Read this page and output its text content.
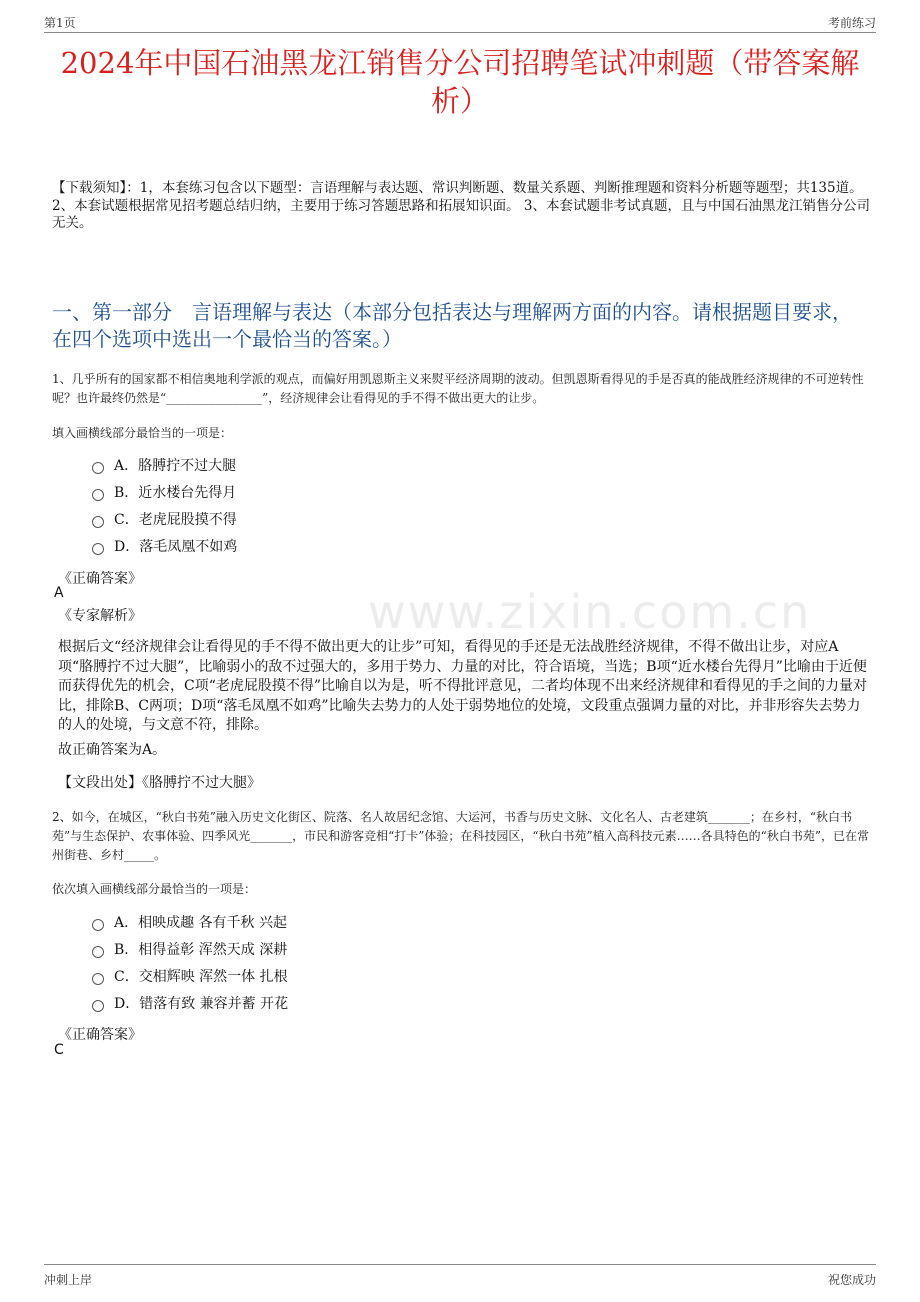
第1页	考前练习
www.zixin.com.cn
2024年中国石油黑龙江销售分公司招聘笔试冲刺题（带答案解析）
【下载须知】：1，本套练习包含以下题型：言语理解与表达题、常识判断题、数量关系题、判断推理题和资料分析题等题型；共135道。 2、本套试题根据常见招考题总结归纳，主要用于练习答题思路和拓展知识面。 3、本套试题非考试真题，且与中国石油黑龙江销售分公司无关。
一、第一部分　言语理解与表达（本部分包括表达与理解两方面的内容。请根据题目要求，在四个选项中选出一个最恰当的答案。）
1、几乎所有的国家都不相信奥地利学派的观点，而偏好用凯恩斯主义来熨平经济周期的波动。但凯恩斯看得见的手是否真的能战胜经济规律的不可逆转性呢？也许最终仍然是“________________”，经济规律会让看得见的手不得不做出更大的让步。
填入画横线部分最恰当的一项是：
A．胳膊拧不过大腿
B．近水楼台先得月
C．老虎屁股摸不得
D．落毛凤凰不如鸡
《正确答案》
A
《专家解析》
根据后文“经济规律会让看得见的手不得不做出更大的让步”可知，看得见的手还是无法战胜经济规律，不得不做出让步，对应A项“胳膊拧不过大腿”，比喻弱小的敌不过强大的，多用于势力、力量的对比，符合语境，当选；B项“近水楼台先得月”比喻由于近便而获得优先的机会，C项“老虎屁股摸不得”比喻自以为是，听不得批评意见，二者均体现不出来经济规律和看得见的手之间的力量对比，排除B、C两项；D项“落毛凤凰不如鸡”比喻失去势力的人处于弱势地位的处境，文段重点强调力量的对比，并非形容失去势力的人的处境，与文意不符，排除。
故正确答案为A。
【文段出处】《胳膊拧不过大腿》
2、如今，在城区，“秋白书苑”融入历史文化街区、院落、名人故居纪念馆、大运河，书香与历史文脉、文化名人、古老建筑_______；在乡村，“秋白书苑”与生态保护、农事体验、四季风光_______，市民和游客竞相“打卡”体验；在科技园区，“秋白书苑”植入高科技元素……各具特色的“秋白书苑”，已在常州街巷、乡村_____。
依次填入画横线部分最恰当的一项是：
A．相映成趣 各有千秋 兴起
B．相得益彰 浑然天成 深耕
C．交相辉映 浑然一体 扎根
D．错落有致 兼容并蓄 开花
《正确答案》
C
冲刺上岸	祝您成功
